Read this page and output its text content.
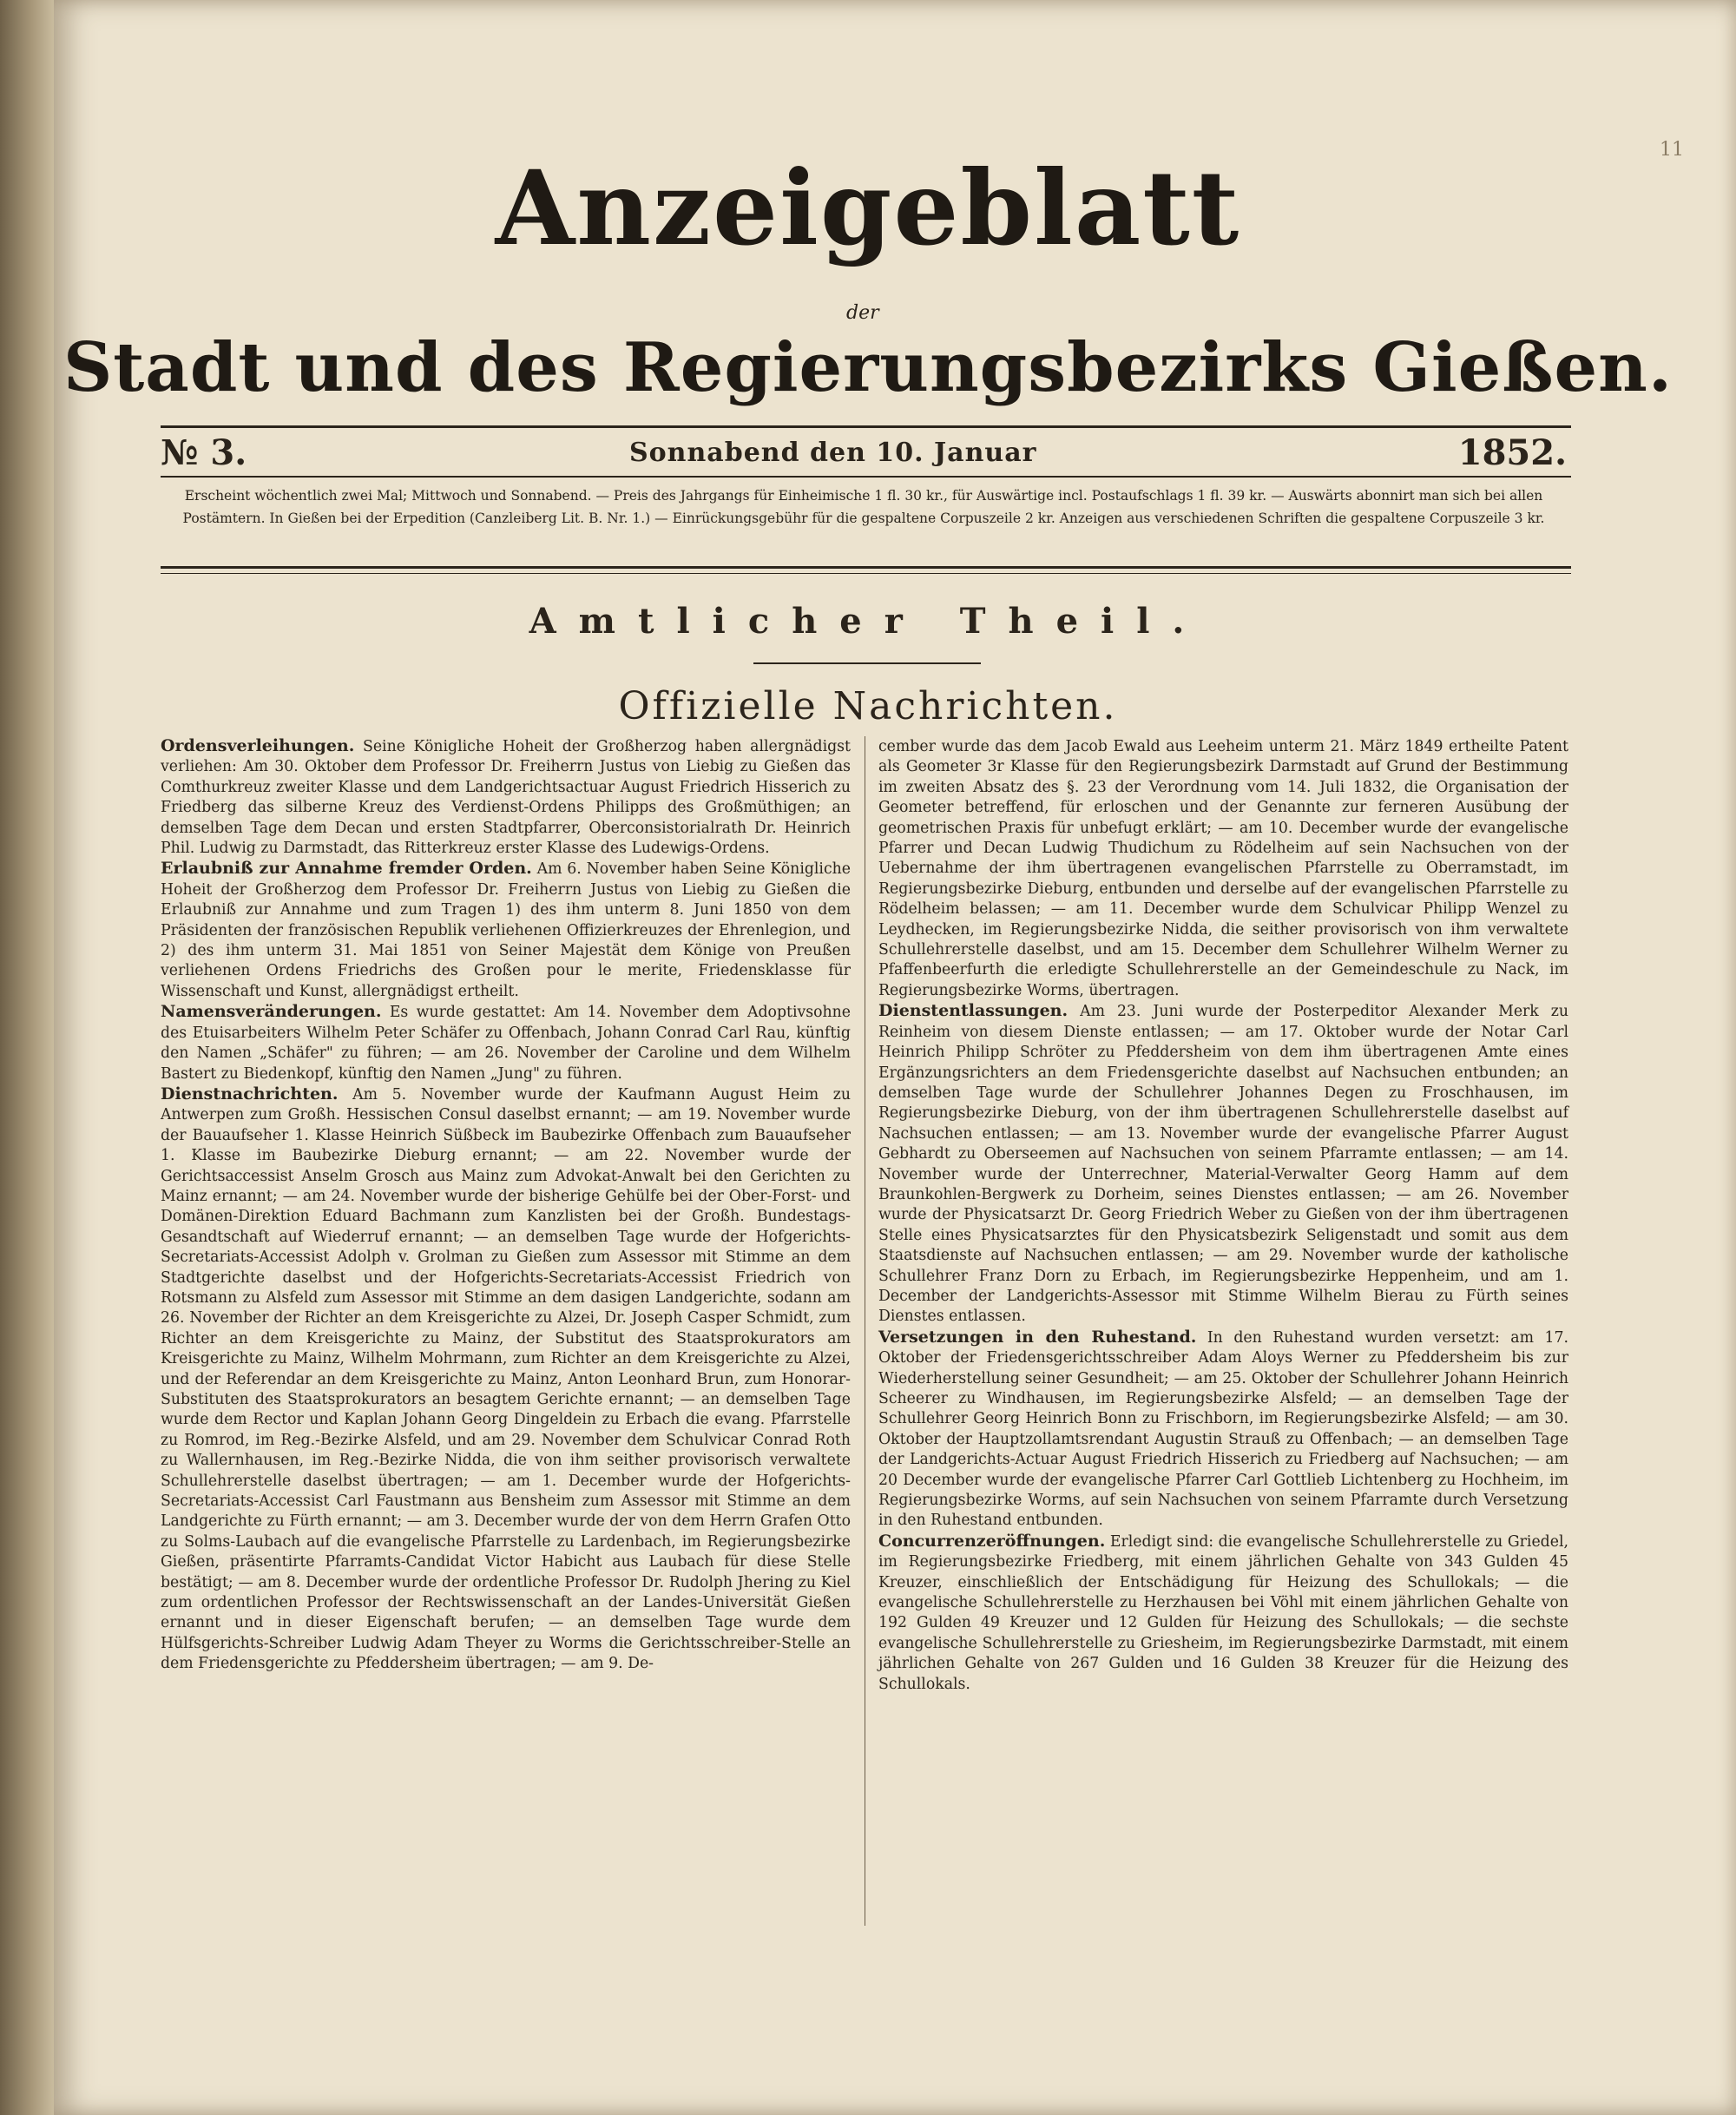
11
Anzeigeblatt
der
Stadt und des Regierungsbezirks Gießen.
№ 3.	Sonnabend den 10. Januar	1852.
Erscheint wöchentlich zwei Mal; Mittwoch und Sonnabend. — Preis des Jahrgangs für Einheimische 1 fl. 30 kr., für Auswärtige incl. Postaufschlags 1 fl. 39 kr. — Auswärts abonnirt man sich bei allen Postämtern. In Gießen bei der Erpedition (Canzleiberg Lit. B. Nr. 1.) — Einrückungsgebühr für die gespaltene Corpuszeile 2 kr. Anzeigen aus verschiedenen Schriften die gespaltene Corpuszeile 3 kr.
Amtlicher Theil.
Offizielle Nachrichten.

Ordensverleihungen. Seine Königliche Hoheit der Großherzog haben allergnädigst verliehen: Am 30. Oktober dem Professor Dr. Freiherrn Justus von Liebig zu Gießen das Comthurkreuz zweiter Klasse und dem Landgerichtsactuar August Friedrich Hisserich zu Friedberg das silberne Kreuz des Verdienst-Ordens Philipps des Großmüthigen; an demselben Tage dem Decan und ersten Stadtpfarrer, Oberconsistorialrath Dr. Heinrich Phil. Ludwig zu Darmstadt, das Ritterkreuz erster Klasse des Ludewigs-Ordens.

Erlaubniß zur Annahme fremder Orden. Am 6. November haben Seine Königliche Hoheit der Großherzog dem Professor Dr. Freiherrn Justus von Liebig zu Gießen die Erlaubniß zur Annahme und zum Tragen 1) des ihm unterm 8. Juni 1850 von dem Präsidenten der französischen Republik verliehenen Offizierkreuzes der Ehrenlegion, und 2) des ihm unterm 31. Mai 1851 von Seiner Majestät dem Könige von Preußen verliehenen Ordens Friedrichs des Großen pour le merite, Friedensklasse für Wissenschaft und Kunst, allergnädigst ertheilt.

Namensveränderungen. Es wurde gestattet: Am 14. November dem Adoptivsohne des Etuisarbeiters Wilhelm Peter Schäfer zu Offenbach, Johann Conrad Carl Rau, künftig den Namen „Schäfer" zu führen; — am 26. November der Caroline und dem Wilhelm Bastert zu Biedenkopf, künftig den Namen „Jung" zu führen.

Dienstnachrichten. Am 5. November wurde der Kaufmann August Heim zu Antwerpen zum Großh. Hessischen Consul daselbst ernannt; — am 19. November wurde der Bauaufseher 1. Klasse Heinrich Süßbeck im Baubezirke Offenbach zum Bauaufseher 1. Klasse im Baubezirke Dieburg ernannt; — am 22. November wurde der Gerichtsaccessist Anselm Grosch aus Mainz zum Advokat-Anwalt bei den Gerichten zu Mainz ernannt; — am 24. November wurde der bisherige Gehülfe bei der Ober-Forst- und Domänen-Direktion Eduard Bachmann zum Kanzlisten bei der Großh. Bundestags-Gesandtschaft auf Wiederruf ernannt; — an demselben Tage wurde der Hofgerichts-Secretariats-Accessist Adolph v. Grolman zu Gießen zum Assessor mit Stimme an dem Stadtgerichte daselbst und der Hofgerichts-Secretariats-Accessist Friedrich von Rotsmann zu Alsfeld zum Assessor mit Stimme an dem dasigen Landgerichte, sodann am 26. November der Richter an dem Kreisgerichte zu Alzei, Dr. Joseph Casper Schmidt, zum Richter an dem Kreisgerichte zu Mainz, der Substitut des Staatsprokurators am Kreisgerichte zu Mainz, Wilhelm Mohrmann, zum Richter an dem Kreisgerichte zu Alzei, und der Referendar an dem Kreisgerichte zu Mainz, Anton Leonhard Brun, zum Honorar-Substituten des Staatsprokurators an besagtem Gerichte ernannt; — an demselben Tage wurde dem Rector und Kaplan Johann Georg Dingeldein zu Erbach die evang. Pfarrstelle zu Romrod, im Reg.-Bezirke Alsfeld, und am 29. November dem Schulvicar Conrad Roth zu Wallernhausen, im Reg.-Bezirke Nidda, die von ihm seither provisorisch verwaltete Schullehrerstelle daselbst übertragen; — am 1. December wurde der Hofgerichts-Secretariats-Accessist Carl Faustmann aus Bensheim zum Assessor mit Stimme an dem Landgerichte zu Fürth ernannt; — am 3. December wurde der von dem Herrn Grafen Otto zu Solms-Laubach auf die evangelische Pfarrstelle zu Lardenbach, im Regierungsbezirke Gießen, präsentirte Pfarramts-Candidat Victor Habicht aus Laubach für diese Stelle bestätigt; — am 8. December wurde der ordentliche Professor Dr. Rudolph Jhering zu Kiel zum ordentlichen Professor der Rechtswissenschaft an der Landes-Universität Gießen ernannt und in dieser Eigenschaft berufen; — an demselben Tage wurde dem Hülfsgerichts-Schreiber Ludwig Adam Theyer zu Worms die Gerichtsschreiber-Stelle an dem Friedensgerichte zu Pfeddersheim übertragen; — am 9. De-

cember wurde das dem Jacob Ewald aus Leeheim unterm 21. März 1849 ertheilte Patent als Geometer 3r Klasse für den Regierungsbezirk Darmstadt auf Grund der Bestimmung im zweiten Absatz des §. 23 der Verordnung vom 14. Juli 1832, die Organisation der Geometer betreffend, für erloschen und der Genannte zur ferneren Ausübung der geometrischen Praxis für unbefugt erklärt; — am 10. December wurde der evangelische Pfarrer und Decan Ludwig Thudichum zu Rödelheim auf sein Nachsuchen von der Uebernahme der ihm übertragenen evangelischen Pfarrstelle zu Oberramstadt, im Regierungsbezirke Dieburg, entbunden und derselbe auf der evangelischen Pfarrstelle zu Rödelheim belassen; — am 11. December wurde dem Schulvicar Philipp Wenzel zu Leydhecken, im Regierungsbezirke Nidda, die seither provisorisch von ihm verwaltete Schullehrerstelle daselbst, und am 15. December dem Schullehrer Wilhelm Werner zu Pfaffenbeerfurth die erledigte Schullehrerstelle an der Gemeindeschule zu Nack, im Regierungsbezirke Worms, übertragen.

Dienstentlassungen. Am 23. Juni wurde der Posterpeditor Alexander Merk zu Reinheim von diesem Dienste entlassen; — am 17. Oktober wurde der Notar Carl Heinrich Philipp Schröter zu Pfeddersheim von dem ihm übertragenen Amte eines Ergänzungsrichters an dem Friedensgerichte daselbst auf Nachsuchen entbunden; an demselben Tage wurde der Schullehrer Johannes Degen zu Froschhausen, im Regierungsbezirke Dieburg, von der ihm übertragenen Schullehrerstelle daselbst auf Nachsuchen entlassen; — am 13. November wurde der evangelische Pfarrer August Gebhardt zu Oberseemen auf Nachsuchen von seinem Pfarramte entlassen; — am 14. November wurde der Unterrechner, Material-Verwalter Georg Hamm auf dem Braunkohlen-Bergwerk zu Dorheim, seines Dienstes entlassen; — am 26. November wurde der Physicatsarzt Dr. Georg Friedrich Weber zu Gießen von der ihm übertragenen Stelle eines Physicatsarztes für den Physicatsbezirk Seligenstadt und somit aus dem Staatsdienste auf Nachsuchen entlassen; — am 29. November wurde der katholische Schullehrer Franz Dorn zu Erbach, im Regierungsbezirke Heppenheim, und am 1. December der Landgerichts-Assessor mit Stimme Wilhelm Bierau zu Fürth seines Dienstes entlassen.

Versetzungen in den Ruhestand. In den Ruhestand wurden versetzt: am 17. Oktober der Friedensgerichtsschreiber Adam Aloys Werner zu Pfeddersheim bis zur Wiederherstellung seiner Gesundheit; — am 25. Oktober der Schullehrer Johann Heinrich Scheerer zu Windhausen, im Regierungsbezirke Alsfeld; — an demselben Tage der Schullehrer Georg Heinrich Bonn zu Frischborn, im Regierungsbezirke Alsfeld; — am 30. Oktober der Hauptzollamtsrendant Augustin Strauß zu Offenbach; — an demselben Tage der Landgerichts-Actuar August Friedrich Hisserich zu Friedberg auf Nachsuchen; — am 20 December wurde der evangelische Pfarrer Carl Gottlieb Lichtenberg zu Hochheim, im Regierungsbezirke Worms, auf sein Nachsuchen von seinem Pfarramte durch Versetzung in den Ruhestand entbunden.

Concurrenzeröffnungen. Erledigt sind: die evangelische Schullehrerstelle zu Griedel, im Regierungsbezirke Friedberg, mit einem jährlichen Gehalte von 343 Gulden 45 Kreuzer, einschließlich der Entschädigung für Heizung des Schullokals; — die evangelische Schullehrerstelle zu Herzhausen bei Vöhl mit einem jährlichen Gehalte von 192 Gulden 49 Kreuzer und 12 Gulden für Heizung des Schullokals; — die sechste evangelische Schullehrerstelle zu Griesheim, im Regierungsbezirke Darmstadt, mit einem jährlichen Gehalte von 267 Gulden und 16 Gulden 38 Kreuzer für die Heizung des Schullokals.
